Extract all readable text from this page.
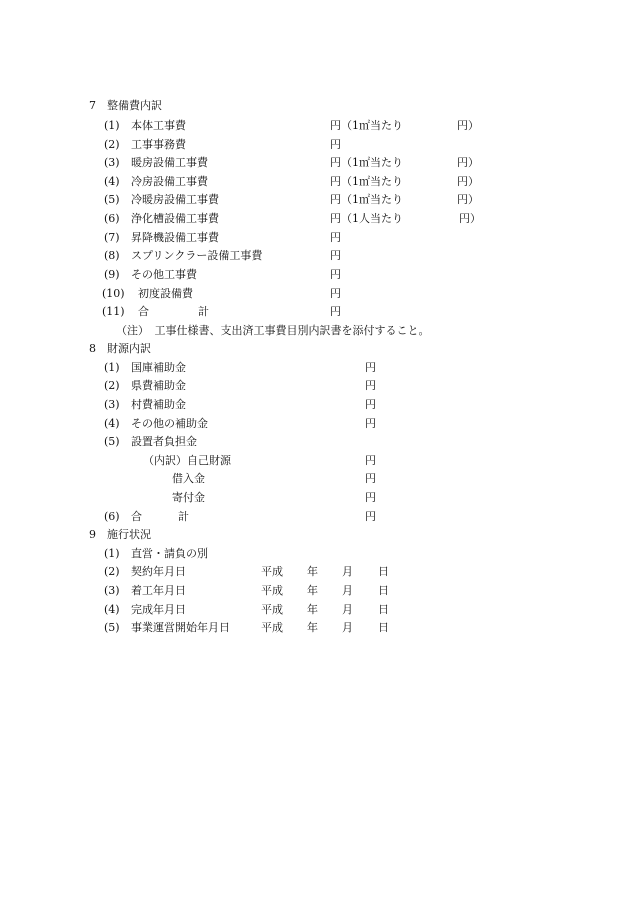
7　整備費内訳
(1) 本体工事費	円（1㎡当たり	円）
(2) 工事事務費	円
(3) 暖房設備工事費	円（1㎡当たり	円）
(4) 冷房設備工事費	円（1㎡当たり	円）
(5) 冷暖房設備工事費	円（1㎡当たり	円）
(6) 浄化槽設備工事費	円（1人当たり	円）
(7) 昇降機設備工事費	円
(8) スプリンクラー設備工事費	円
(9) その他工事費	円
(10) 初度設備費	円
(11) 合	計	円
（注）　工事仕様書、支出済工事費目別内訳書を添付すること。
8　財源内訳
(1) 国庫補助金	円
(2) 県費補助金	円
(3) 村費補助金	円
(4) その他の補助金	円
(5) 設置者負担金
（内訳）自己財源	円
借入金	円
寄付金	円
(6) 合	計	円
9　施行状況
(1) 直営・請負の別
(2) 契約年月日	平成 年 月 日
(3) 着工年月日	平成 年 月 日
(4) 完成年月日	平成 年 月 日
(5) 事業運営開始年月日	平成 年 月 日
